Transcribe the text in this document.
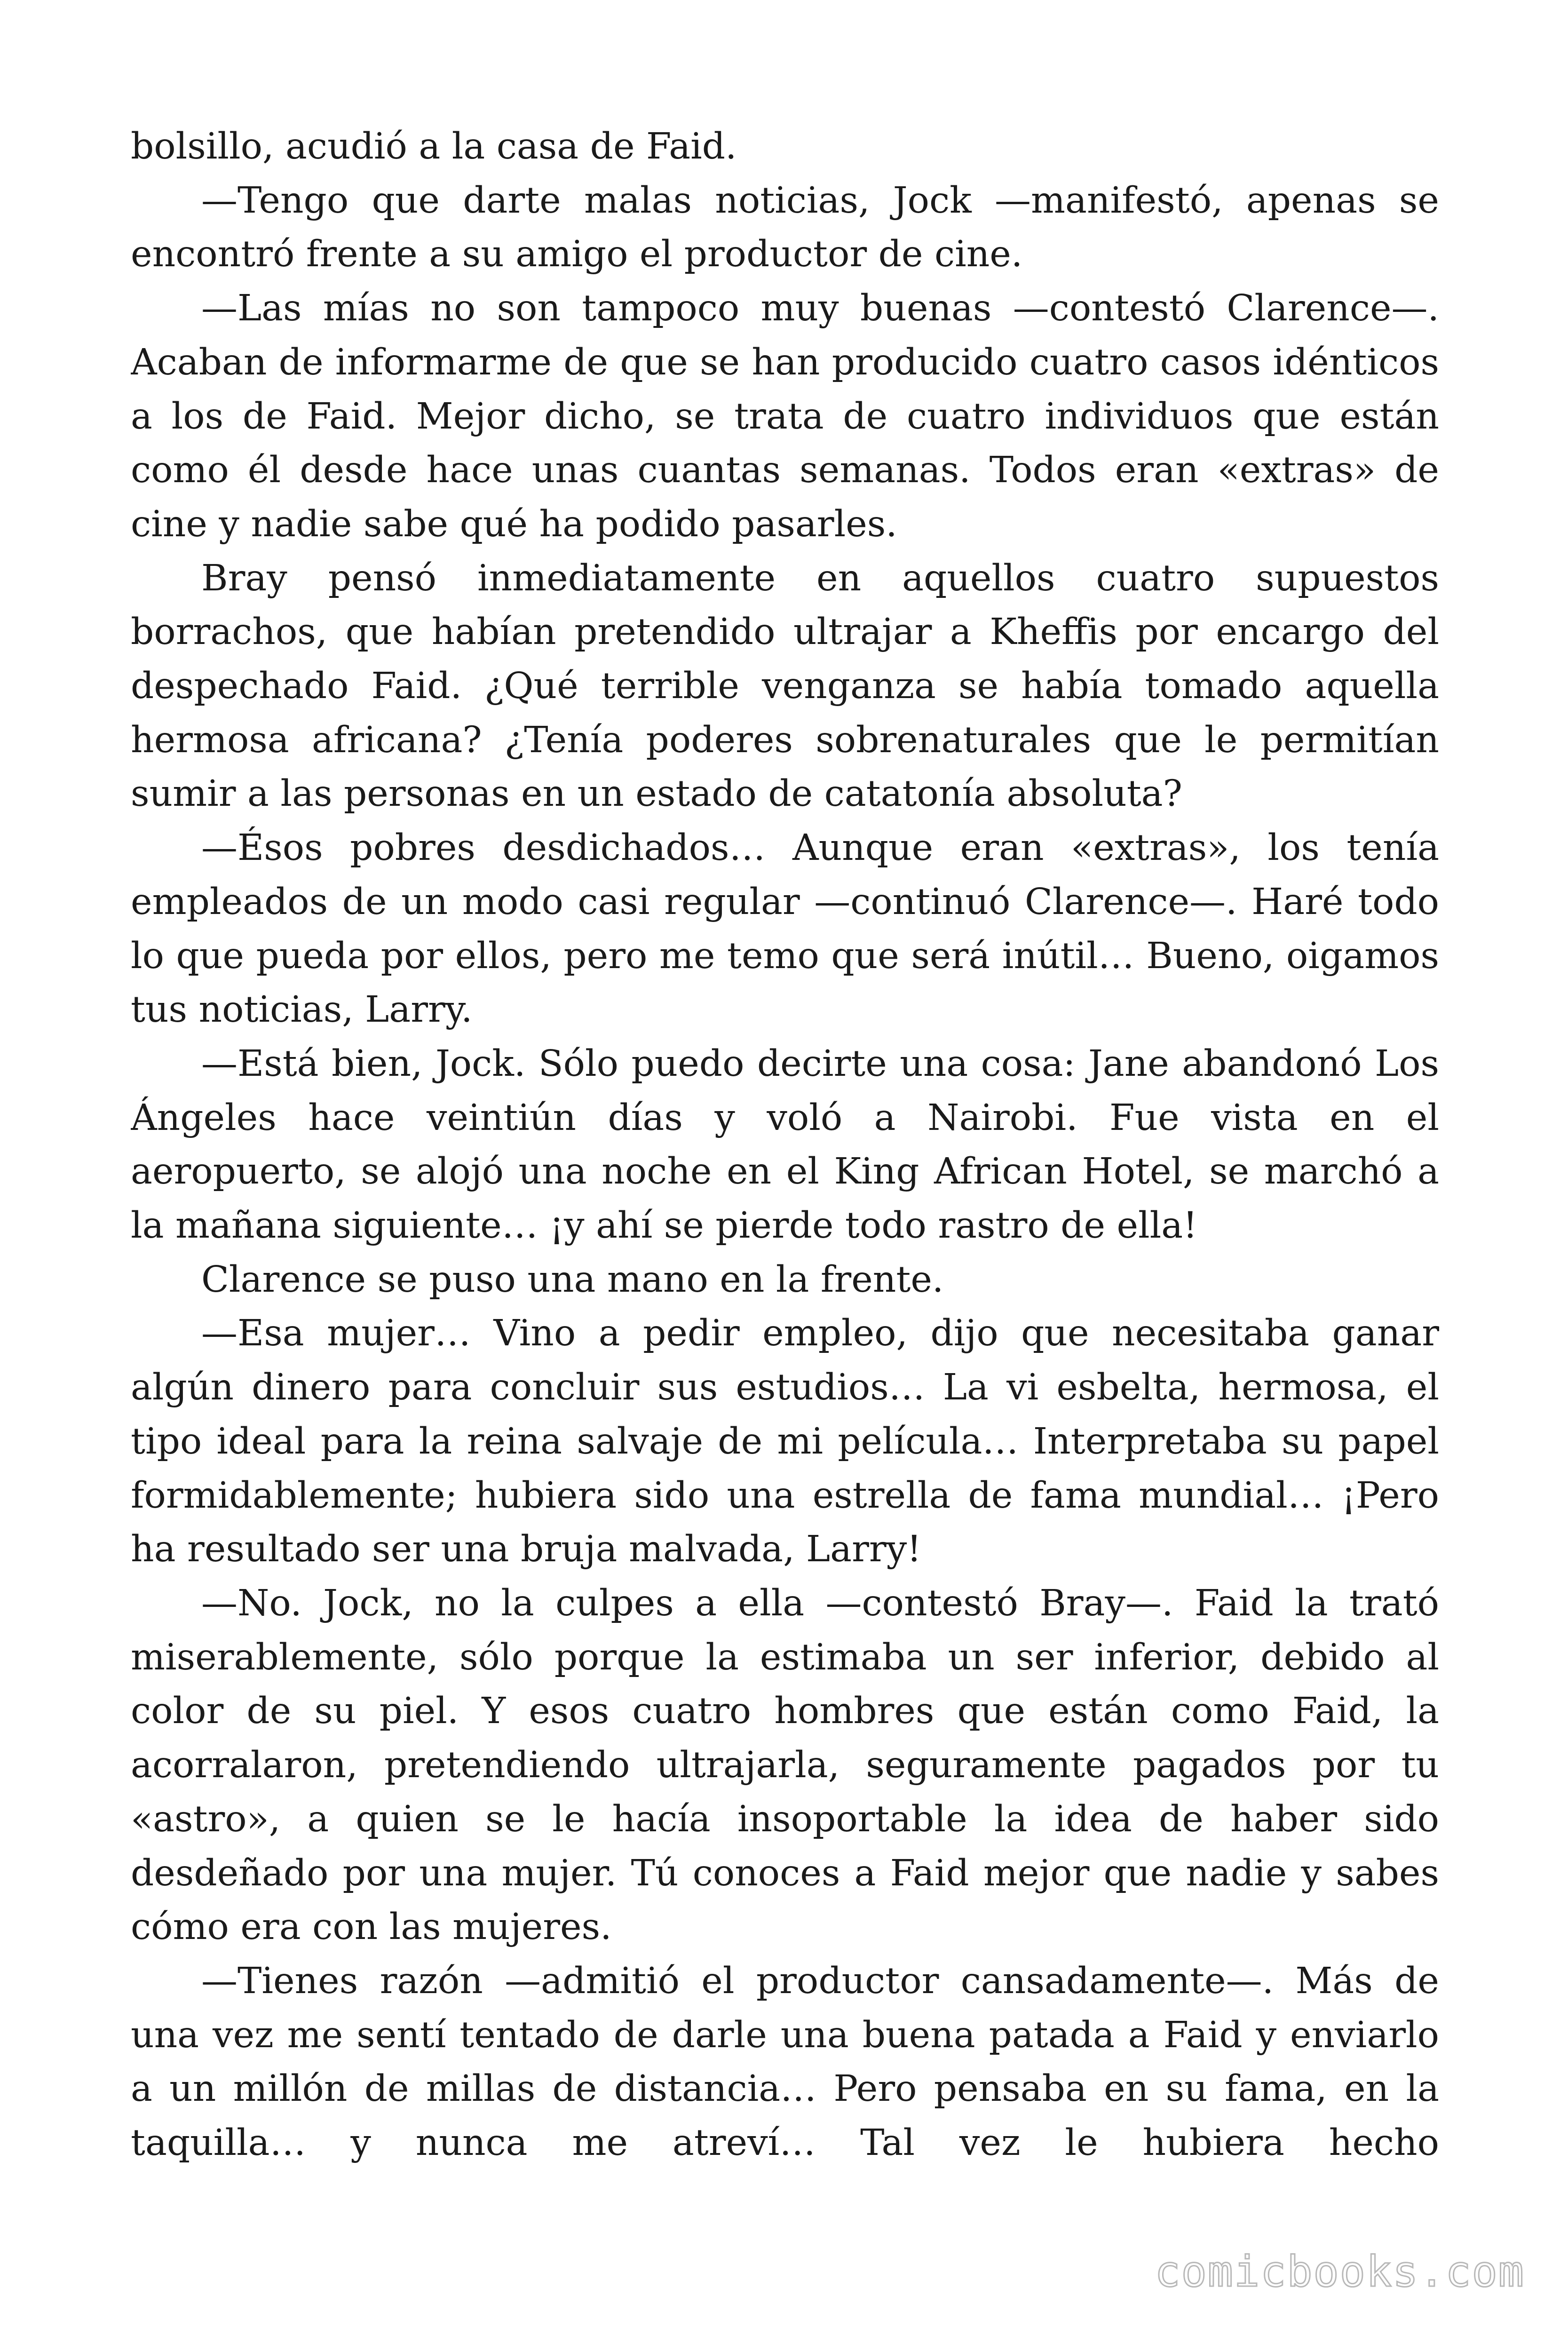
bolsillo, acudió a la casa de Faid.

—Tengo que darte malas noticias, Jock —manifestó, apenas se encontró frente a su amigo el productor de cine.

—Las mías no son tampoco muy buenas —contestó Clarence—. Acaban de informarme de que se han producido cuatro casos idénticos a los de Faid. Mejor dicho, se trata de cuatro individuos que están como él desde hace unas cuantas semanas. Todos eran «extras» de cine y nadie sabe qué ha podido pasarles.

Bray pensó inmediatamente en aquellos cuatro supuestos borrachos, que habían pretendido ultrajar a Kheffis por encargo del despechado Faid. ¿Qué terrible venganza se había tomado aquella hermosa africana? ¿Tenía poderes sobrenaturales que le permitían sumir a las personas en un estado de catatonía absoluta?

—Ésos pobres desdichados… Aunque eran «extras», los tenía empleados de un modo casi regular —continuó Clarence—. Haré todo lo que pueda por ellos, pero me temo que será inútil… Bueno, oigamos tus noticias, Larry.

—Está bien, Jock. Sólo puedo decirte una cosa: Jane abandonó Los Ángeles hace veintiún días y voló a Nairobi. Fue vista en el aeropuerto, se alojó una noche en el King African Hotel, se marchó a la mañana siguiente… ¡y ahí se pierde todo rastro de ella!

Clarence se puso una mano en la frente.

—Esa mujer… Vino a pedir empleo, dijo que necesitaba ganar algún dinero para concluir sus estudios… La vi esbelta, hermosa, el tipo ideal para la reina salvaje de mi película… Interpretaba su papel formidablemente; hubiera sido una estrella de fama mundial… ¡Pero ha resultado ser una bruja malvada, Larry!

—No. Jock, no la culpes a ella —contestó Bray—. Faid la trató miserablemente, sólo porque la estimaba un ser inferior, debido al color de su piel. Y esos cuatro hombres que están como Faid, la acorralaron, pretendiendo ultrajarla, seguramente pagados por tu «astro», a quien se le hacía insoportable la idea de haber sido desdeñado por una mujer. Tú conoces a Faid mejor que nadie y sabes cómo era con las mujeres.

—Tienes razón —admitió el productor cansadamente—. Más de una vez me sentí tentado de darle una buena patada a Faid y enviarlo a un millón de millas de distancia… Pero pensaba en su fama, en la taquilla… y nunca me atreví… Tal vez le hubiera hecho

comicbooks.com
